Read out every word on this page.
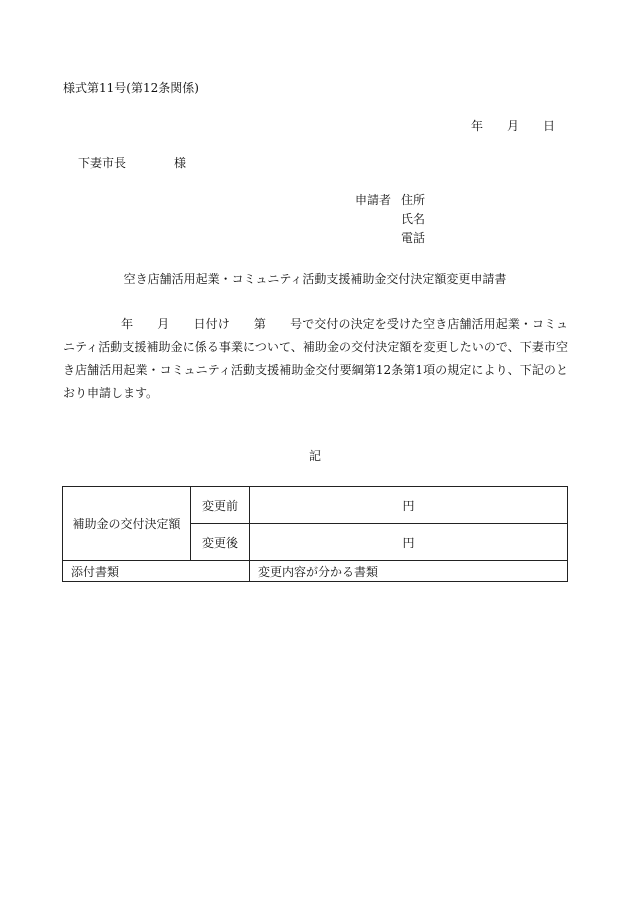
様式第11号(第12条関係)
年 月 日
下妻市長	様
申請者 住所
氏名
電話
空き店舗活用起業・コミュニティ活動支援補助金交付決定額変更申請書
年 月 日付け 第 号で交付の決定を受けた空き店舗活用起業・コミュニティ活動支援補助金に係る事業について、補助金の交付決定額を変更したいので、下妻市空き店舗活用起業・コミュニティ活動支援補助金交付要綱第12条第1項の規定により、下記のとおり申請します。
記
補助金の交付決定額	変更前	円
	変更後	円
添付書類		変更内容が分かる書類
